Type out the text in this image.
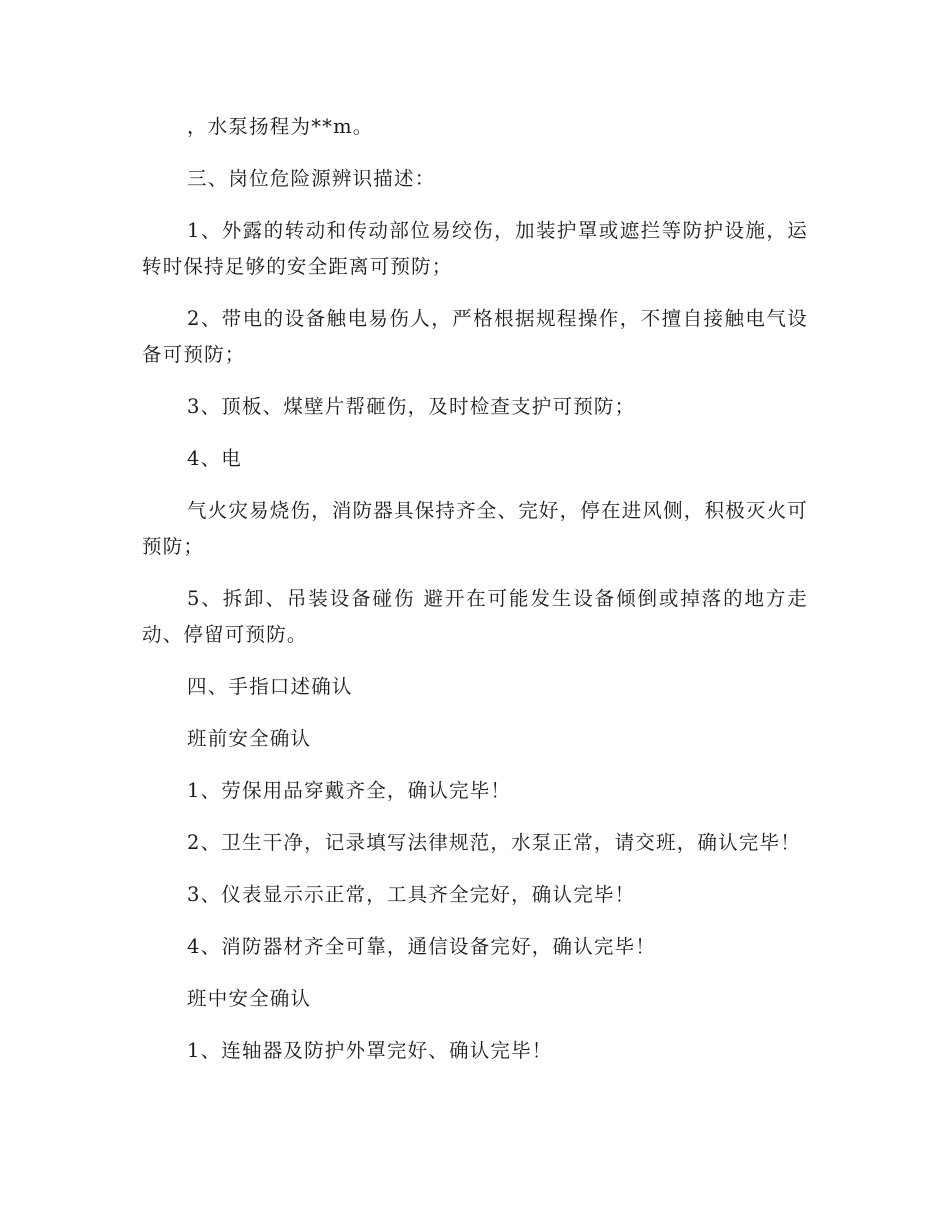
，水泵扬程为**m。

三、岗位危险源辨识描述：

1、外露的转动和传动部位易绞伤，加装护罩或遮拦等防护设施，运转时保持足够的安全距离可预防；

2、带电的设备触电易伤人，严格根据规程操作，不擅自接触电气设备可预防；

3、顶板、煤壁片帮砸伤，及时检查支护可预防；

4、电

气火灾易烧伤，消防器具保持齐全、完好，停在进风侧，积极灭火可预防；

5、拆卸、吊装设备碰伤 避开在可能发生设备倾倒或掉落的地方走动、停留可预防。

四、手指口述确认

班前安全确认

1、劳保用品穿戴齐全，确认完毕！

2、卫生干净，记录填写法律规范，水泵正常，请交班，确认完毕！

3、仪表显示示正常，工具齐全完好，确认完毕！

4、消防器材齐全可靠，通信设备完好，确认完毕！

班中安全确认

1、连轴器及防护外罩完好、确认完毕！
